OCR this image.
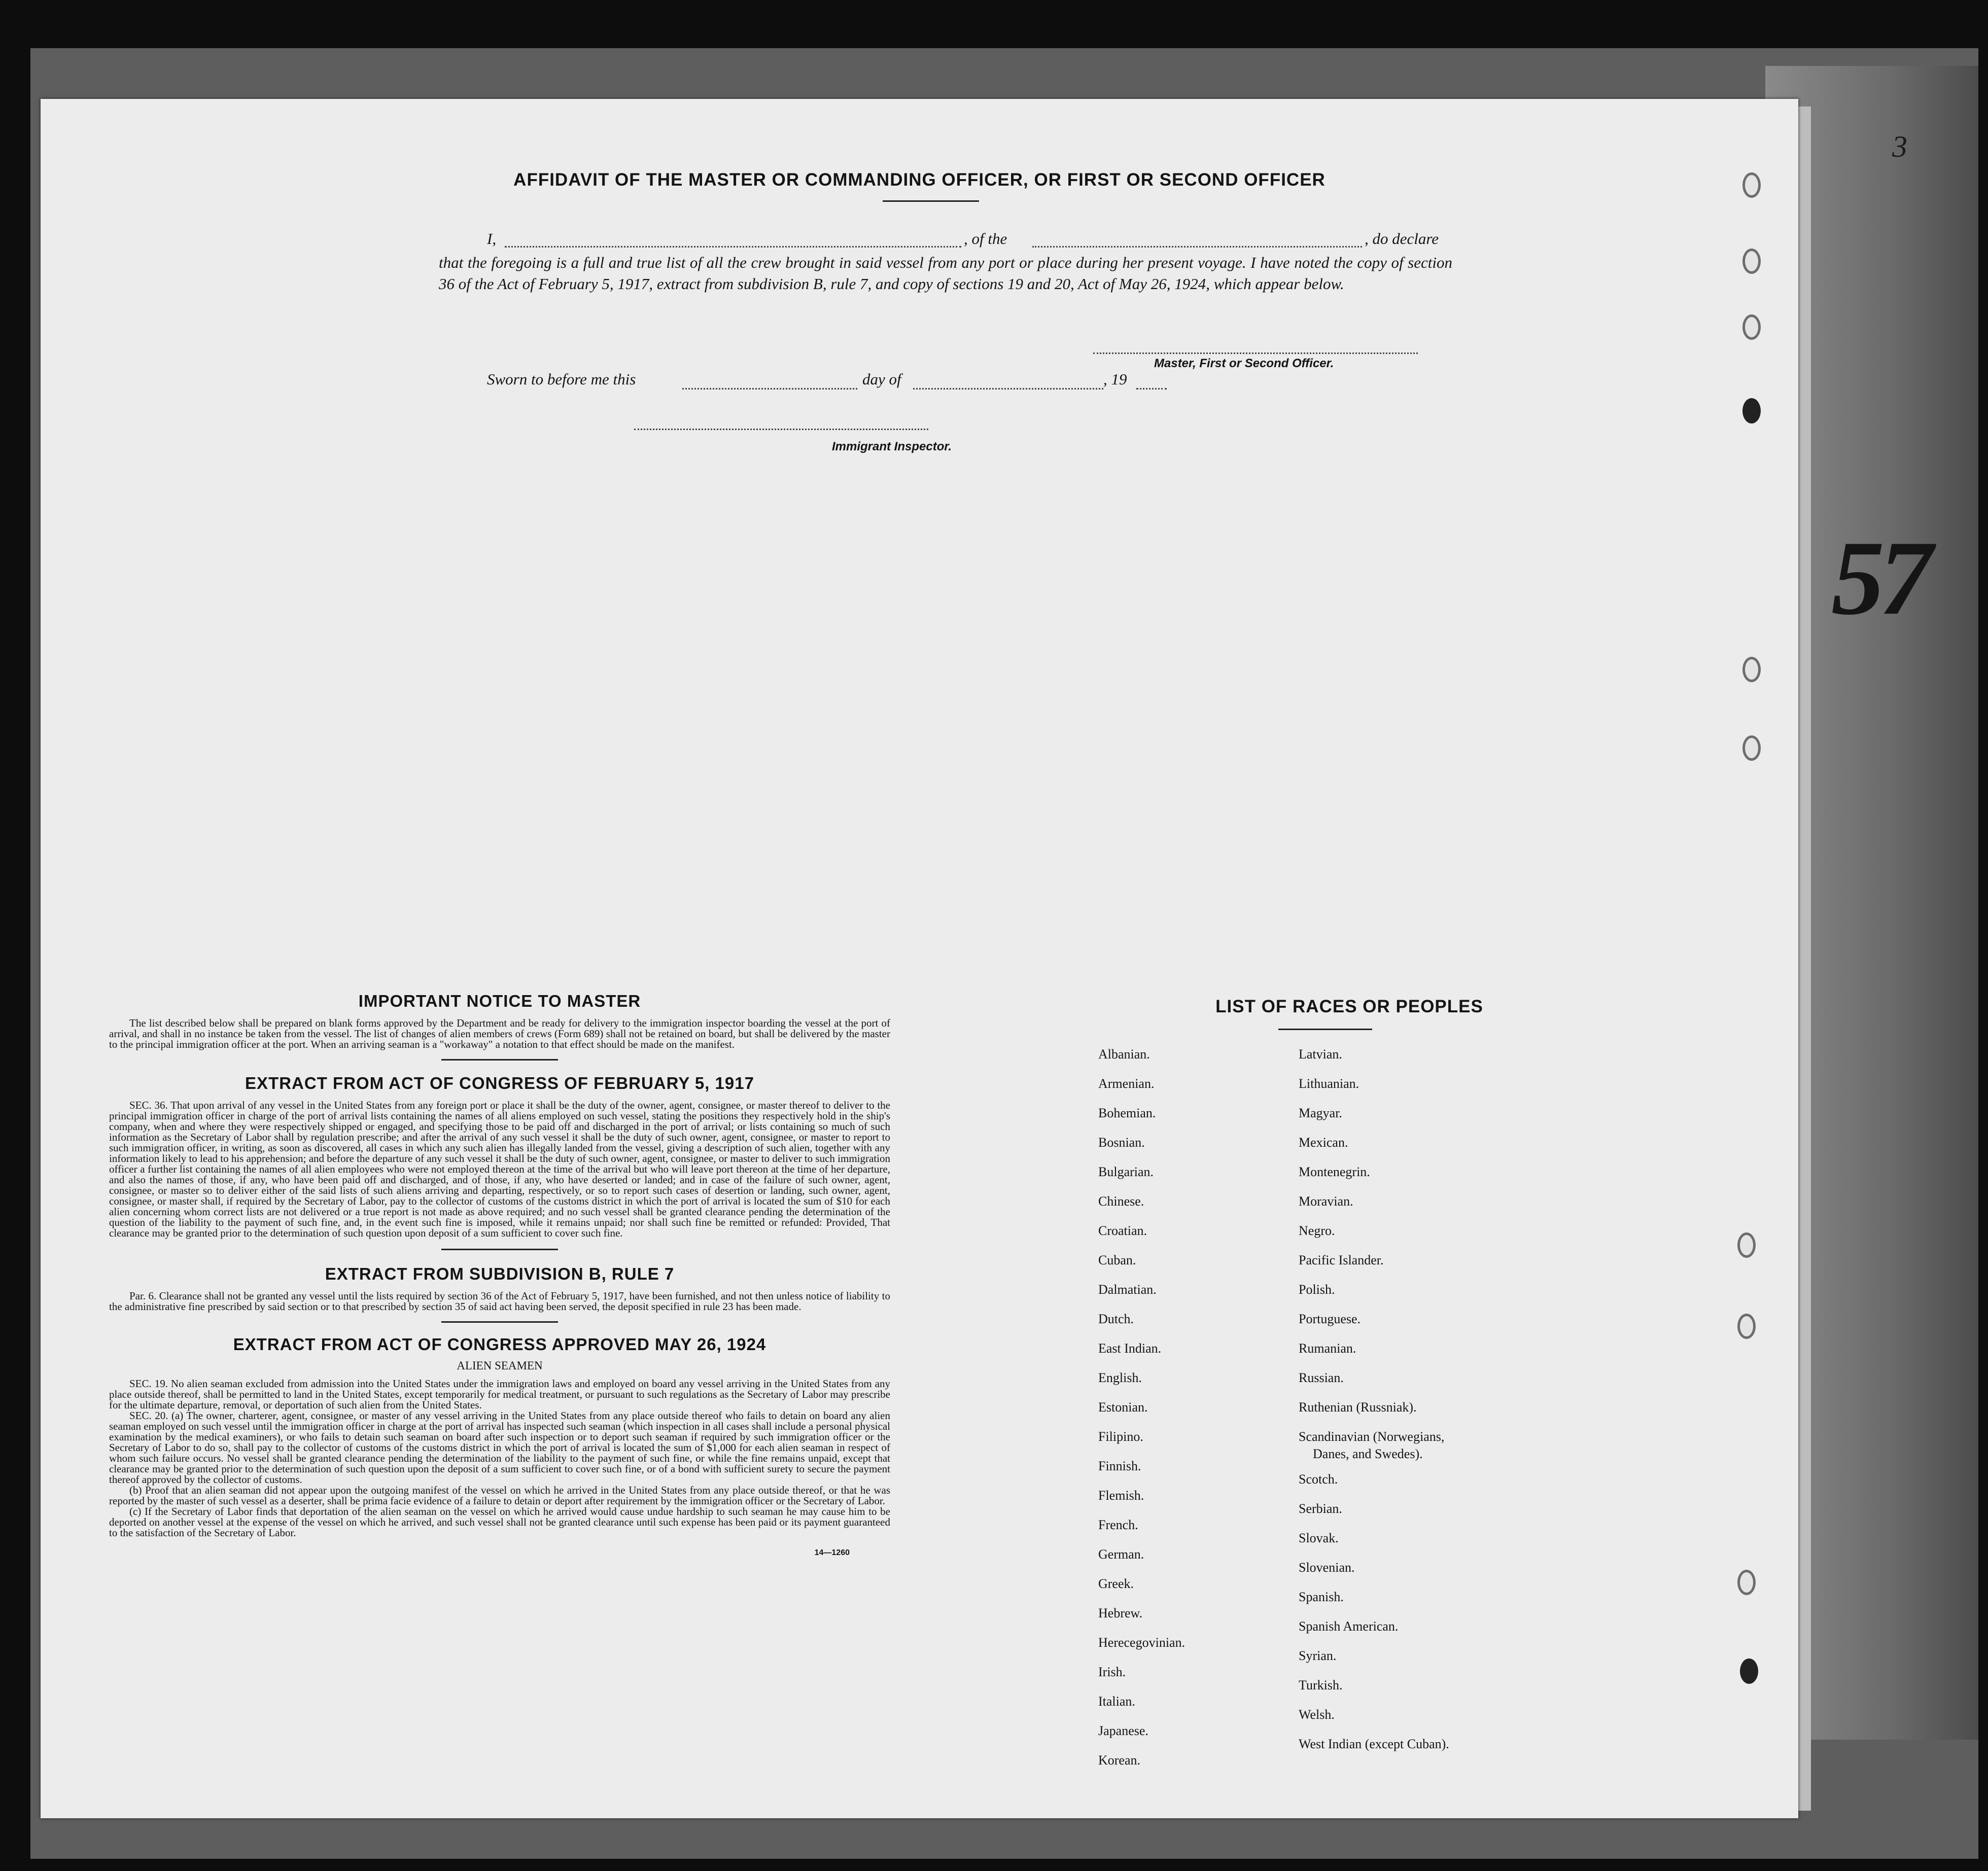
AFFIDAVIT OF THE MASTER OR COMMANDING OFFICER, OR FIRST OR SECOND OFFICER
I,	, of the	, do declare
that the foregoing is a full and true list of all the crew brought in said vessel from any port or place during her present voyage. I have noted the copy of section 36 of the Act of February 5, 1917, extract from subdivision B, rule 7, and copy of sections 19 and 20, Act of May 26, 1924, which appear below.
Master, First or Second Officer.
Sworn to before me this	day of	, 19
Immigrant Inspector.
IMPORTANT NOTICE TO MASTER

The list described below shall be prepared on blank forms approved by the Department and be ready for delivery to the immigration inspector boarding the vessel at the port of arrival, and shall in no instance be taken from the vessel. The list of changes of alien members of crews (Form 689) shall not be retained on board, but shall be delivered by the master to the principal immigration officer at the port. When an arriving seaman is a "workaway" a notation to that effect should be made on the manifest.

EXTRACT FROM ACT OF CONGRESS OF FEBRUARY 5, 1917

SEC. 36. That upon arrival of any vessel in the United States from any foreign port or place it shall be the duty of the owner, agent, consignee, or master thereof to deliver to the principal immigration officer in charge of the port of arrival lists containing the names of all aliens employed on such vessel, stating the positions they respectively hold in the ship's company, when and where they were respectively shipped or engaged, and specifying those to be paid off and discharged in the port of arrival; or lists containing so much of such information as the Secretary of Labor shall by regulation prescribe; and after the arrival of any such vessel it shall be the duty of such owner, agent, consignee, or master to report to such immigration officer, in writing, as soon as discovered, all cases in which any such alien has illegally landed from the vessel, giving a description of such alien, together with any information likely to lead to his apprehension; and before the departure of any such vessel it shall be the duty of such owner, agent, consignee, or master to deliver to such immigration officer a further list containing the names of all alien employees who were not employed thereon at the time of the arrival but who will leave port thereon at the time of her departure, and also the names of those, if any, who have been paid off and discharged, and of those, if any, who have deserted or landed; and in case of the failure of such owner, agent, consignee, or master so to deliver either of the said lists of such aliens arriving and departing, respectively, or so to report such cases of desertion or landing, such owner, agent, consignee, or master shall, if required by the Secretary of Labor, pay to the collector of customs of the customs district in which the port of arrival is located the sum of $10 for each alien concerning whom correct lists are not delivered or a true report is not made as above required; and no such vessel shall be granted clearance pending the determination of the question of the liability to the payment of such fine, and, in the event such fine is imposed, while it remains unpaid; nor shall such fine be remitted or refunded: Provided, That clearance may be granted prior to the determination of such question upon deposit of a sum sufficient to cover such fine.

EXTRACT FROM SUBDIVISION B, RULE 7

Par. 6. Clearance shall not be granted any vessel until the lists required by section 36 of the Act of February 5, 1917, have been furnished, and not then unless notice of liability to the administrative fine prescribed by said section or to that prescribed by section 35 of said act having been served, the deposit specified in rule 23 has been made.

EXTRACT FROM ACT OF CONGRESS APPROVED MAY 26, 1924
ALIEN SEAMEN

SEC. 19. No alien seaman excluded from admission into the United States under the immigration laws and employed on board any vessel arriving in the United States from any place outside thereof, shall be permitted to land in the United States, except temporarily for medical treatment, or pursuant to such regulations as the Secretary of Labor may prescribe for the ultimate departure, removal, or deportation of such alien from the United States.

SEC. 20. (a) The owner, charterer, agent, consignee, or master of any vessel arriving in the United States from any place outside thereof who fails to detain on board any alien seaman employed on such vessel until the immigration officer in charge at the port of arrival has inspected such seaman (which inspection in all cases shall include a personal physical examination by the medical examiners), or who fails to detain such seaman on board after such inspection or to deport such seaman if required by such immigration officer or the Secretary of Labor to do so, shall pay to the collector of customs of the customs district in which the port of arrival is located the sum of $1,000 for each alien seaman in respect of whom such failure occurs. No vessel shall be granted clearance pending the determination of the liability to the payment of such fine, or while the fine remains unpaid, except that clearance may be granted prior to the determination of such question upon the deposit of a sum sufficient to cover such fine, or of a bond with sufficient surety to secure the payment thereof approved by the collector of customs.

(b) Proof that an alien seaman did not appear upon the outgoing manifest of the vessel on which he arrived in the United States from any place outside thereof, or that he was reported by the master of such vessel as a deserter, shall be prima facie evidence of a failure to detain or deport after requirement by the immigration officer or the Secretary of Labor.

(c) If the Secretary of Labor finds that deportation of the alien seaman on the vessel on which he arrived would cause undue hardship to such seaman he may cause him to be deported on another vessel at the expense of the vessel on which he arrived, and such vessel shall not be granted clearance until such expense has been paid or its payment guaranteed to the satisfaction of the Secretary of Labor.

14—1260
LIST OF RACES OR PEOPLES
Albanian.
Armenian.
Bohemian.
Bosnian.
Bulgarian.
Chinese.
Croatian.
Cuban.
Dalmatian.
Dutch.
East Indian.
English.
Estonian.
Filipino.
Finnish.
Flemish.
French.
German.
Greek.
Hebrew.
Herecegovinian.
Irish.
Italian.
Japanese.
Korean.
Latvian.
Lithuanian.
Magyar.
Mexican.
Montenegrin.
Moravian.
Negro.
Pacific Islander.
Polish.
Portuguese.
Rumanian.
Russian.
Ruthenian (Russniak).
Scandinavian (Norwegians,
Danes, and Swedes).
Scotch.
Serbian.
Slovak.
Slovenian.
Spanish.
Spanish American.
Syrian.
Turkish.
Welsh.
West Indian (except Cuban).
3
57
